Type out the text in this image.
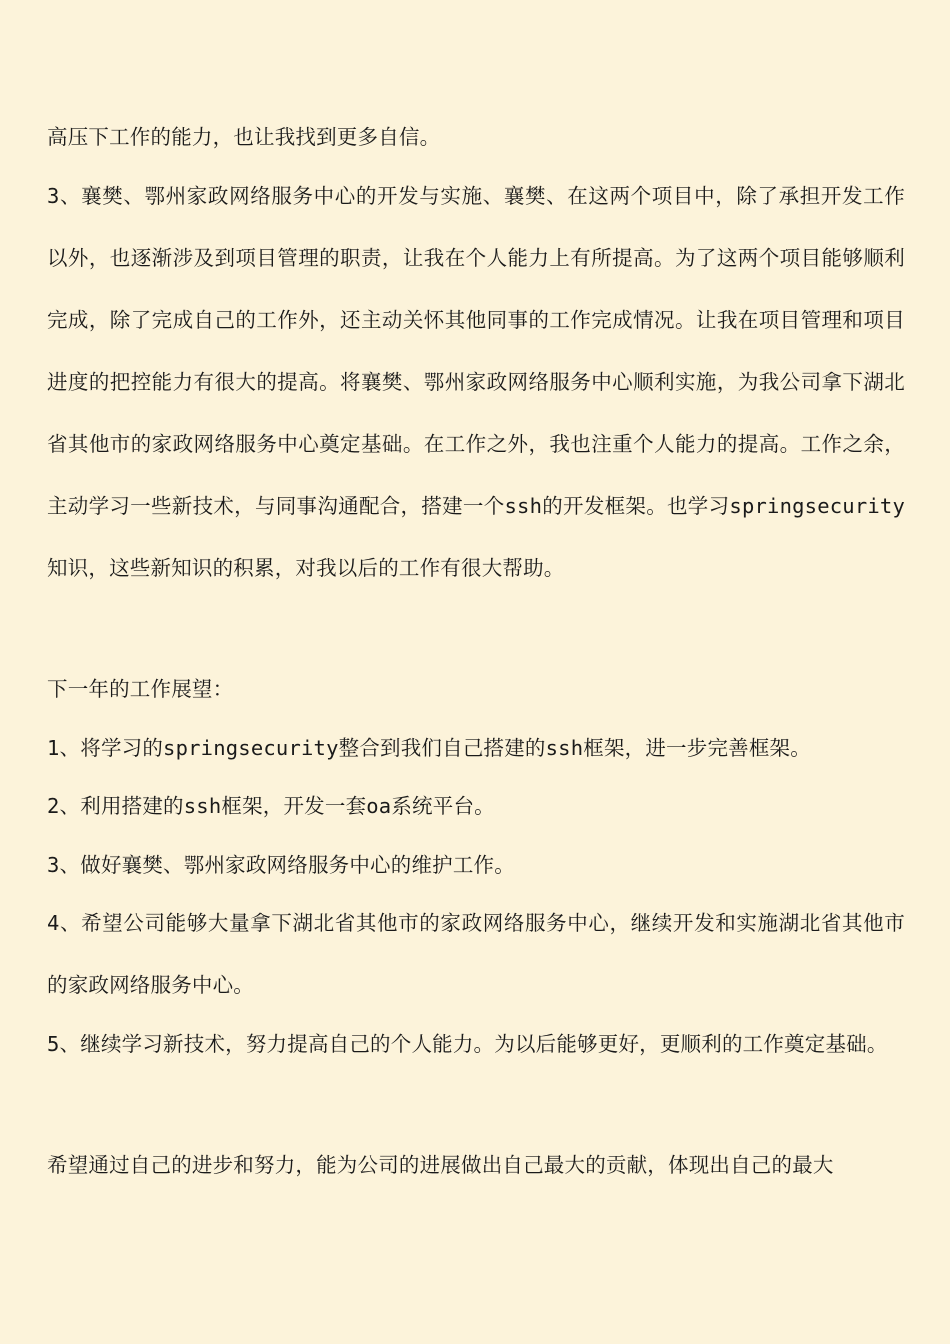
高压下工作的能力，也让我找到更多自信。

3、襄樊、鄂州家政网络服务中心的开发与实施、襄樊、在这两个项目中，除了承担开发工作以外，也逐渐涉及到项目管理的职责，让我在个人能力上有所提高。为了这两个项目能够顺利完成，除了完成自己的工作外，还主动关怀其他同事的工作完成情况。让我在项目管理和项目进度的把控能力有很大的提高。将襄樊、鄂州家政网络服务中心顺利实施，为我公司拿下湖北省其他市的家政网络服务中心奠定基础。在工作之外，我也注重个人能力的提高。工作之余，主动学习一些新技术，与同事沟通配合，搭建一个ssh的开发框架。也学习springsecurity知识，这些新知识的积累，对我以后的工作有很大帮助。

下一年的工作展望：

1、将学习的springsecurity整合到我们自己搭建的ssh框架，进一步完善框架。

2、利用搭建的ssh框架，开发一套oa系统平台。

3、做好襄樊、鄂州家政网络服务中心的维护工作。

4、希望公司能够大量拿下湖北省其他市的家政网络服务中心，继续开发和实施湖北省其他市的家政网络服务中心。

5、继续学习新技术，努力提高自己的个人能力。为以后能够更好，更顺利的工作奠定基础。

希望通过自己的进步和努力，能为公司的进展做出自己最大的贡献，体现出自己的最大
